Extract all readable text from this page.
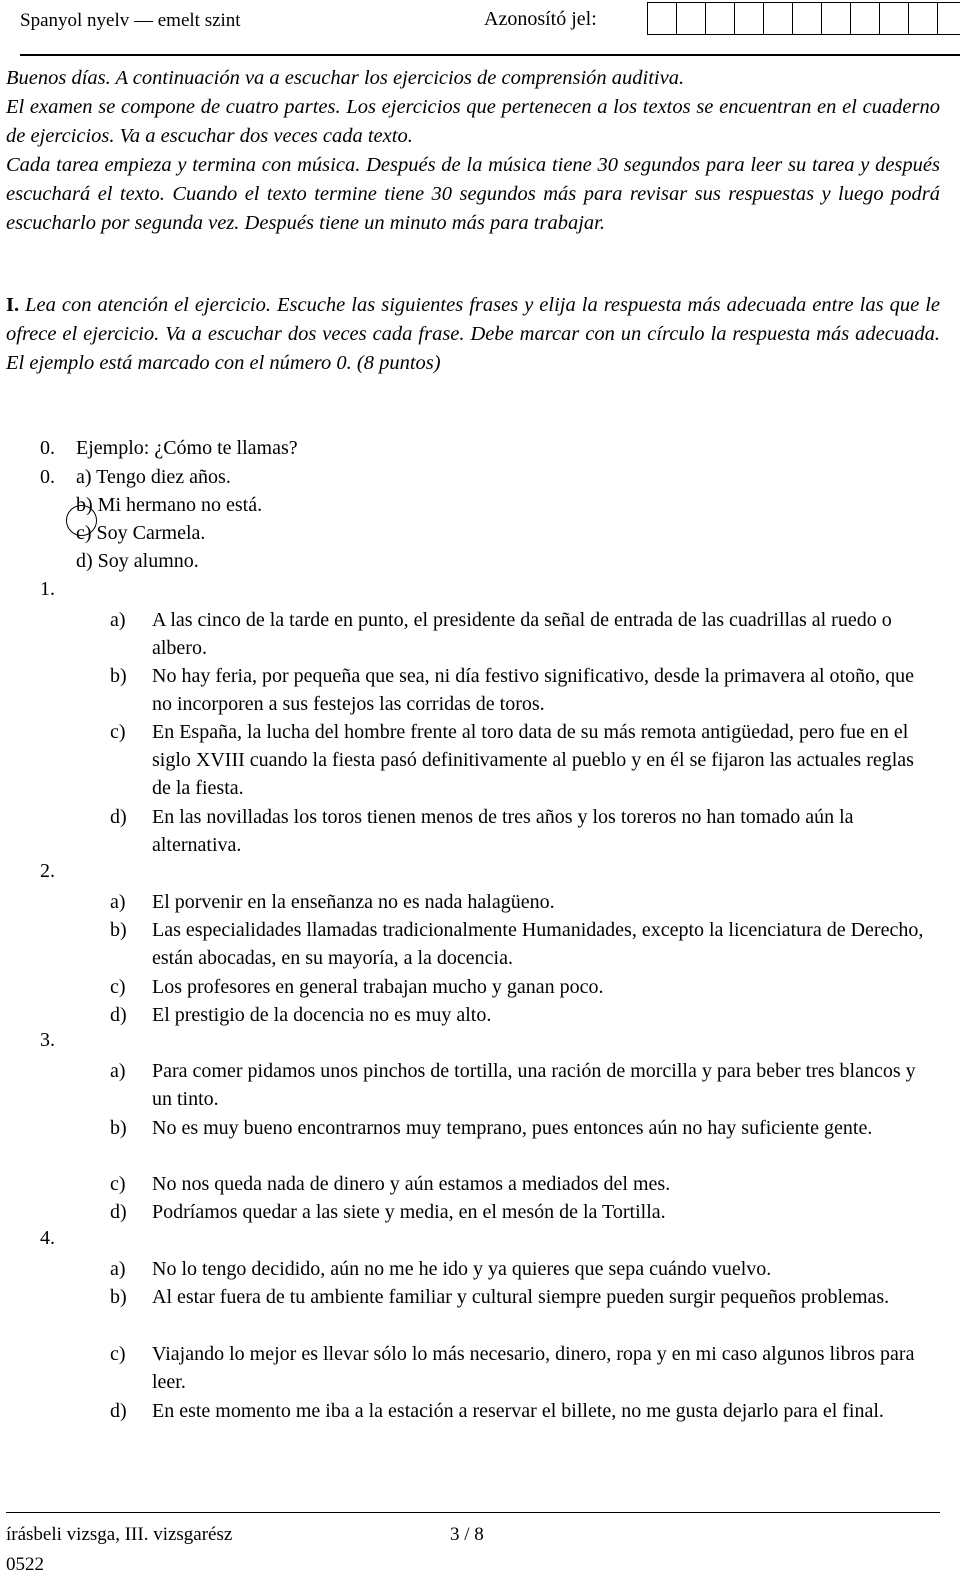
Spanyol nyelv — emelt szint	Azonosító jel:

Buenos días. A continuación va a escuchar los ejercicios de comprensión auditiva.

El examen se compone de cuatro partes. Los ejercicios que pertenecen a los textos se encuentran en el cuaderno de ejercicios. Va a escuchar dos veces cada texto.

Cada tarea empieza y termina con música. Después de la música tiene 30 segundos para leer su tarea y después escuchará el texto. Cuando el texto termine tiene 30 segundos más para revisar sus respuestas y luego podrá escucharlo por segunda vez. Después tiene un minuto más para trabajar.

I. Lea con atención el ejercicio. Escuche las siguientes frases y elija la respuesta más adecuada entre las que le ofrece el ejercicio. Va a escuchar dos veces cada frase. Debe marcar con un círculo la respuesta más adecuada. El ejemplo está marcado con el número 0. (8 puntos)
0. Ejemplo: ¿Cómo te llamas?
0. a) Tengo diez años.
b) Mi hermano no está.
c) Soy Carmela.
d) Soy alumno.
1.
a) A las cinco de la tarde en punto, el presidente da señal de entrada de las cuadrillas al ruedo o albero.
b) No hay feria, por pequeña que sea, ni día festivo significativo, desde la primavera al otoño, que no incorporen a sus festejos las corridas de toros.
c) En España, la lucha del hombre frente al toro data de su más remota antigüedad, pero fue en el siglo XVIII cuando la fiesta pasó definitivamente al pueblo y en él se fijaron las actuales reglas de la fiesta.
d) En las novilladas los toros tienen menos de tres años y los toreros no han tomado aún la alternativa.
2.
a) El porvenir en la enseñanza no es nada halagüeno.
b) Las especialidades llamadas tradicionalmente Humanidades, excepto la licenciatura de Derecho, están abocadas, en su mayoría, a la docencia.
c) Los profesores en general trabajan mucho y ganan poco.
d) El prestigio de la docencia no es muy alto.
3.
a) Para comer pidamos unos pinchos de tortilla, una ración de morcilla y para beber tres blancos y un tinto.
b) No es muy bueno encontrarnos muy temprano, pues entonces aún no hay suficiente gente.
c) No nos queda nada de dinero y aún estamos a mediados del mes.
d) Podríamos quedar a las siete y media, en el mesón de la Tortilla.
4.
a) No lo tengo decidido, aún no me he ido y ya quieres que sepa cuándo vuelvo.
b) Al estar fuera de tu ambiente familiar y cultural siempre pueden surgir pequeños problemas.
c) Viajando lo mejor es llevar sólo lo más necesario, dinero, ropa y en mi caso algunos libros para leer.
d) En este momento me iba a la estación a reservar el billete, no me gusta dejarlo para el final.
írásbeli vizsga, III. vizsgarész	3 / 8
0522
